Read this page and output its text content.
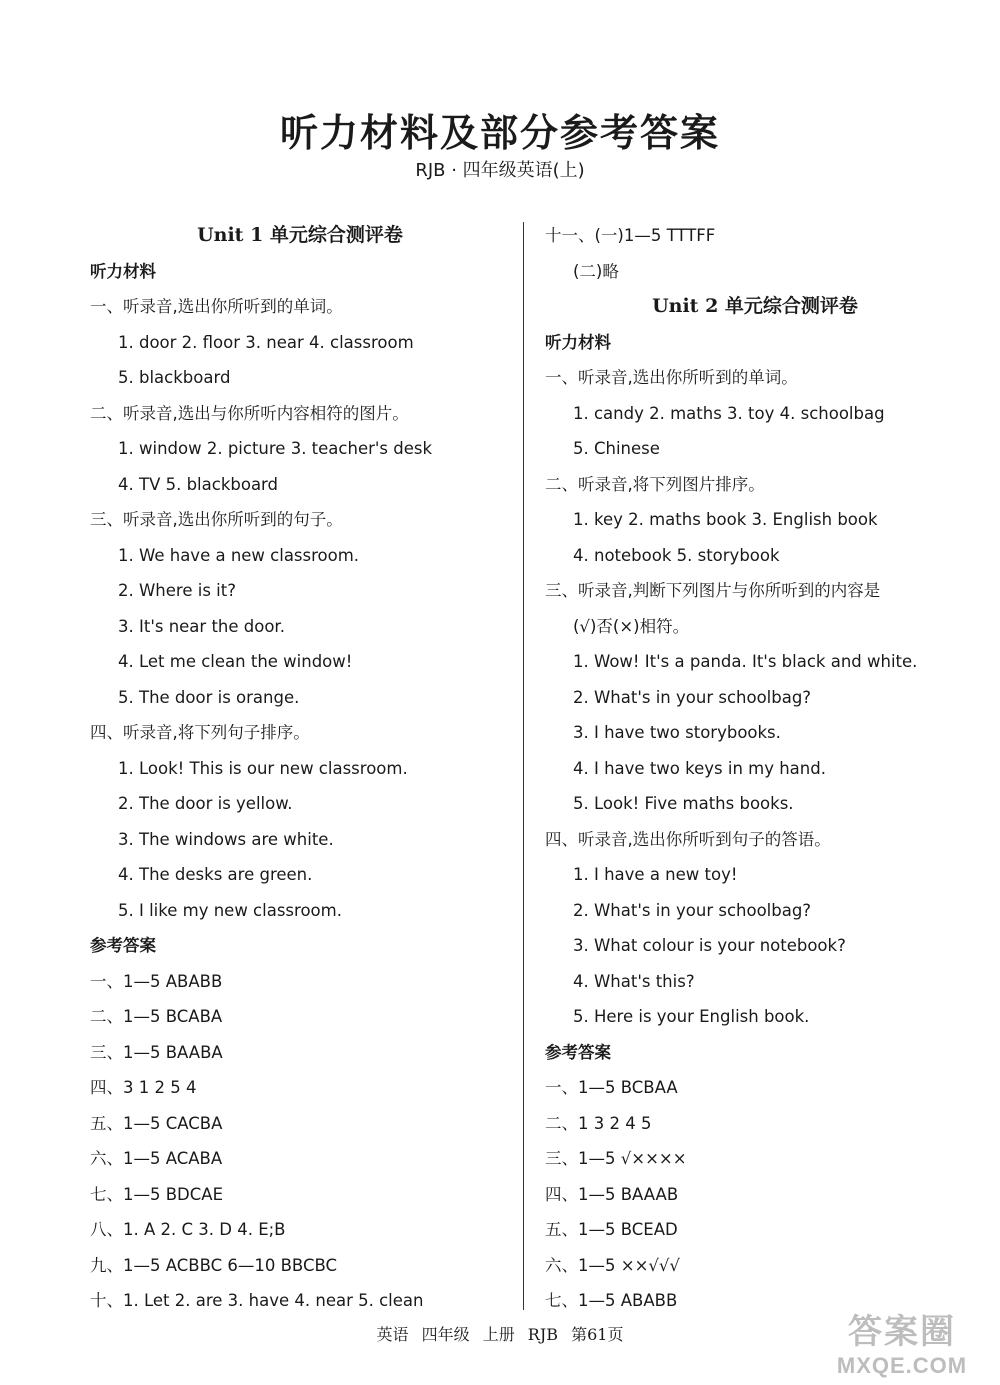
听力材料及部分参考答案
RJB · 四年级英语(上)
Unit 1 单元综合测评卷
听力材料
一、听录音,选出你所听到的单词。
1. door 2. floor 3. near 4. classroom
5. blackboard
二、听录音,选出与你所听内容相符的图片。
1. window 2. picture 3. teacher's desk
4. TV 5. blackboard
三、听录音,选出你所听到的句子。
1. We have a new classroom.
2. Where is it?
3. It's near the door.
4. Let me clean the window!
5. The door is orange.
四、听录音,将下列句子排序。
1. Look! This is our new classroom.
2. The door is yellow.
3. The windows are white.
4. The desks are green.
5. I like my new classroom.
参考答案
一、1—5 ABABB
二、1—5 BCABA
三、1—5 BAABA
四、3 1 2 5 4
五、1—5 CACBA
六、1—5 ACABA
七、1—5 BDCAE
八、1. A 2. C 3. D 4. E;B
九、1—5 ACBBC 6—10 BBCBC
十、1. Let 2. are 3. have 4. near 5. clean
十一、(一)1—5 TTTFF
(二)略
Unit 2 单元综合测评卷
听力材料
一、听录音,选出你所听到的单词。
1. candy 2. maths 3. toy 4. schoolbag
5. Chinese
二、听录音,将下列图片排序。
1. key 2. maths book 3. English book
4. notebook 5. storybook
三、听录音,判断下列图片与你所听到的内容是
(√)否(×)相符。
1. Wow! It's a panda. It's black and white.
2. What's in your schoolbag?
3. I have two storybooks.
4. I have two keys in my hand.
5. Look! Five maths books.
四、听录音,选出你所听到句子的答语。
1. I have a new toy!
2. What's in your schoolbag?
3. What colour is your notebook?
4. What's this?
5. Here is your English book.
参考答案
一、1—5 BCBAA
二、1 3 2 4 5
三、1—5 √××××
四、1—5 BAAAB
五、1—5 BCEAD
六、1—5 ××√√√
七、1—5 ABABB
英语 四年级 上册 RJB 第61页	答案圈
MXQE.COM
